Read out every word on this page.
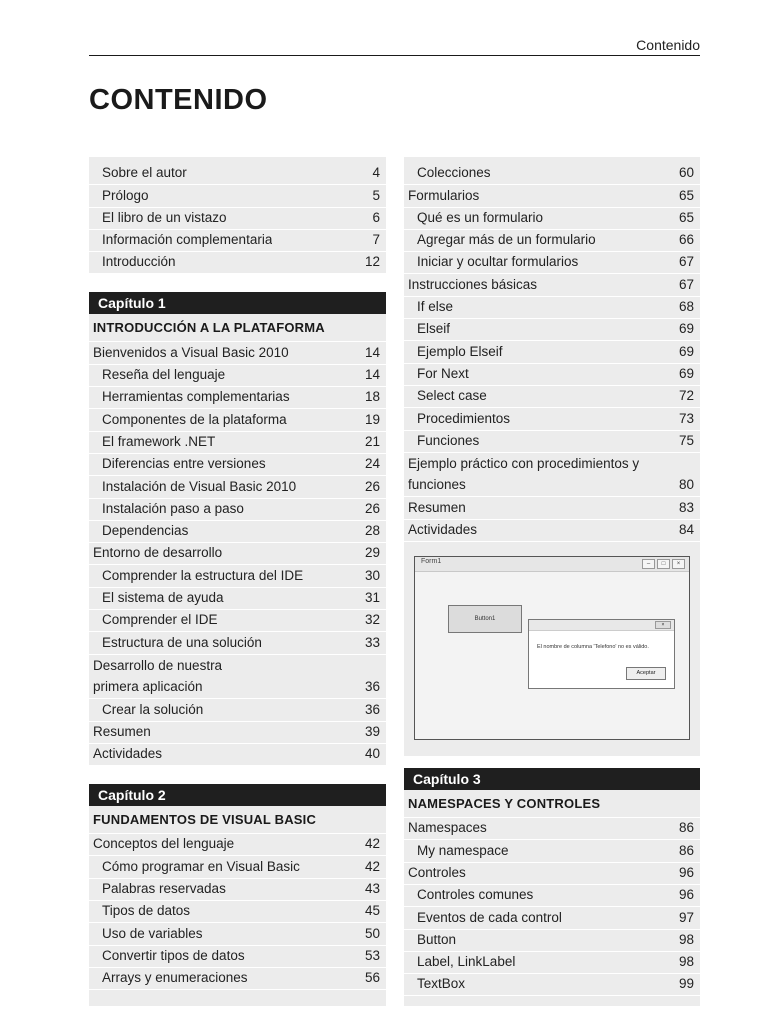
Contenido
CONTENIDO
Sobre el autor	4
Prólogo	5
El libro de un vistazo	6
Información complementaria	7
Introducción	12
Capítulo 1
INTRODUCCIÓN A LA PLATAFORMA
Bienvenidos a Visual Basic 2010	14
Reseña del lenguaje	14
Herramientas complementarias	18
Componentes de la plataforma	19
El framework .NET	21
Diferencias entre versiones	24
Instalación de Visual Basic 2010	26
Instalación paso a paso	26
Dependencias	28
Entorno de desarrollo	29
Comprender la estructura del IDE	30
El sistema de ayuda	31
Comprender el IDE	32
Estructura de una solución	33
Desarrollo de nuestra
primera aplicación	36
Crear la solución	36
Resumen	39
Actividades	40
Capítulo 2
FUNDAMENTOS DE VISUAL BASIC
Conceptos del lenguaje	42
Cómo programar en Visual Basic	42
Palabras reservadas	43
Tipos de datos	45
Uso de variables	50
Convertir tipos de datos	53
Arrays y enumeraciones	56
Colecciones	60
Formularios	65
Qué es un formulario	65
Agregar más de un formulario	66
Iniciar y ocultar formularios	67
Instrucciones básicas	67
If else	68
Elseif	69
Ejemplo Elseif	69
For Next	69
Select case	72
Procedimientos	73
Funciones	75
Ejemplo práctico con procedimientos y
funciones	80
Resumen	83
Actividades	84
Form1	–	□	×
Button1
×
El nombre de columna 'Telefono' no es válido.
Aceptar
Capítulo 3
NAMESPACES Y CONTROLES
Namespaces	86
My namespace	86
Controles	96
Controles comunes	96
Eventos de cada control	97
Button	98
Label, LinkLabel	98
TextBox	99
